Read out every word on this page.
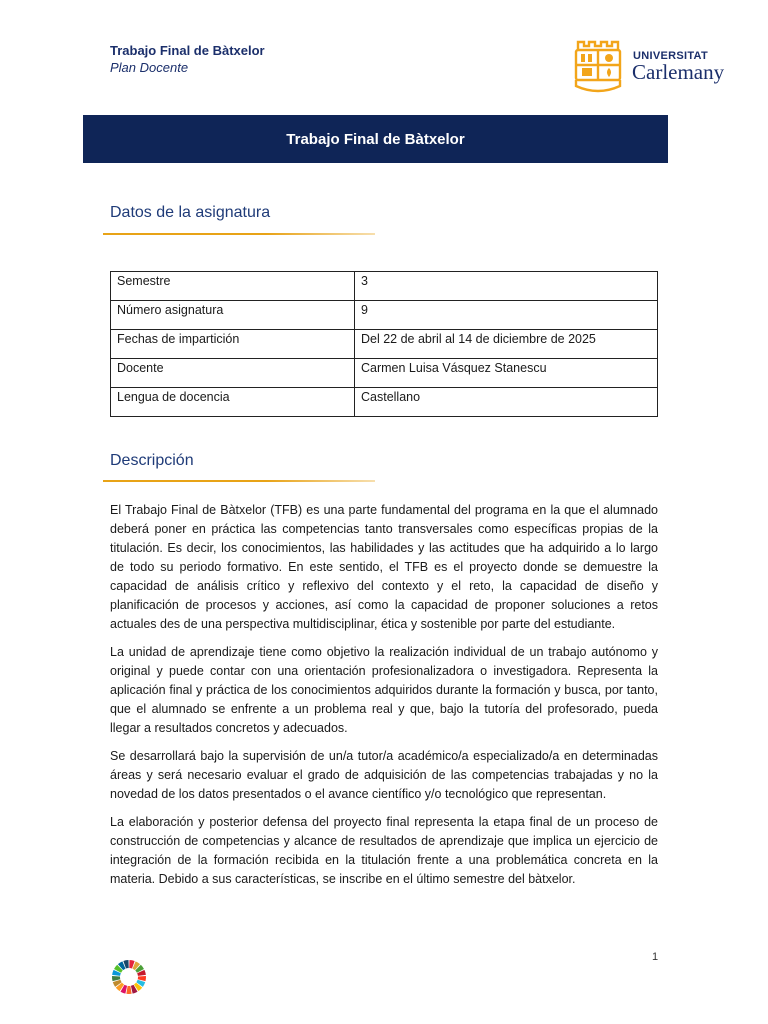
Trabajo Final de Bàtxelor
Plan Docente
UNIVERSITAT
Carlemany
Trabajo Final de Bàtxelor
Datos de la asignatura
Semestre	3
Número asignatura	9
Fechas de impartición	Del 22 de abril al 14 de diciembre de 2025
Docente	Carmen Luisa Vásquez Stanescu
Lengua de docencia	Castellano
Descripción

El Trabajo Final de Bàtxelor (TFB) es una parte fundamental del programa en la que el alumnado deberá poner en práctica las competencias tanto transversales como específicas propias de la titulación. Es decir, los conocimientos, las habilidades y las actitudes que ha adquirido a lo largo de todo su periodo formativo. En este sentido, el TFB es el proyecto donde se demuestre la capacidad de análisis crítico y reflexivo del contexto y el reto, la capacidad de diseño y planificación de procesos y acciones, así como la capacidad de proponer soluciones a retos actuales des de una perspectiva multidisciplinar, ética y sostenible por parte del estudiante.

La unidad de aprendizaje tiene como objetivo la realización individual de un trabajo autónomo y original y puede contar con una orientación profesionalizadora o investigadora. Representa la aplicación final y práctica de los conocimientos adquiridos durante la formación y busca, por tanto, que el alumnado se enfrente a un problema real y que, bajo la tutoría del profesorado, pueda llegar a resultados concretos y adecuados.

Se desarrollará bajo la supervisión de un/a tutor/a académico/a especializado/a en determinadas áreas y será necesario evaluar el grado de adquisición de las competencias trabajadas y no la novedad de los datos presentados o el avance científico y/o tecnológico que representan.

La elaboración y posterior defensa del proyecto final representa la etapa final de un proceso de construcción de competencias y alcance de resultados de aprendizaje que implica un ejercicio de integración de la formación recibida en la titulación frente a una problemática concreta en la materia. Debido a sus características, se inscribe en el último semestre del bàtxelor.

1
